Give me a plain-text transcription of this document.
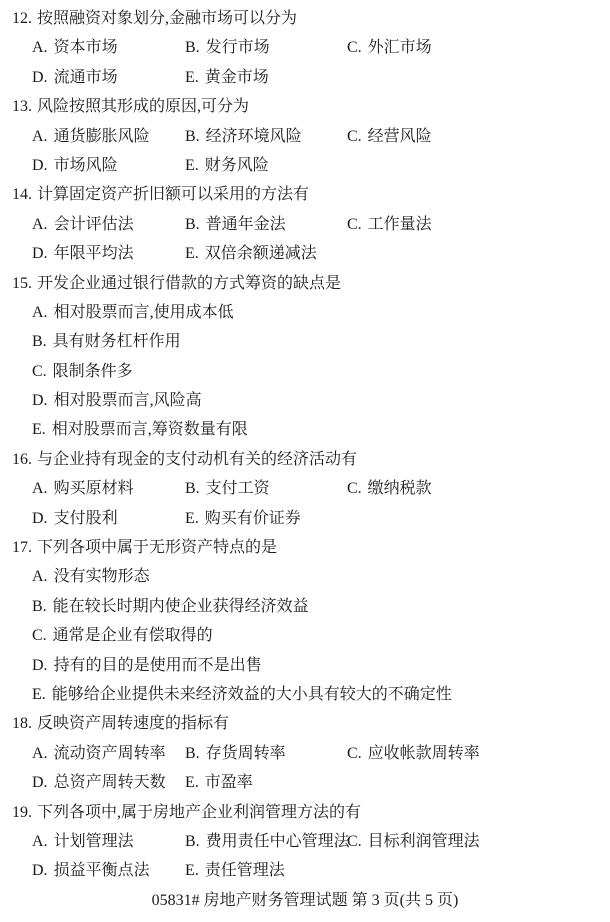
12. 按照融资对象划分,金融市场可以分为
A. 资本市场	B. 发行市场	C. 外汇市场
D. 流通市场	E. 黄金市场
13. 风险按照其形成的原因,可分为
A. 通货膨胀风险 B. 经济环境风险	C. 经营风险
D. 市场风险	E. 财务风险
14. 计算固定资产折旧额可以采用的方法有
A. 会计评估法	B. 普通年金法	C. 工作量法
D. 年限平均法	E. 双倍余额递减法
15. 开发企业通过银行借款的方式筹资的缺点是
A. 相对股票而言,使用成本低
B. 具有财务杠杆作用
C. 限制条件多
D. 相对股票而言,风险高
E. 相对股票而言,筹资数量有限
16. 与企业持有现金的支付动机有关的经济活动有
A. 购买原材料	B. 支付工资	C. 缴纳税款
D. 支付股利	E. 购买有价证券
17. 下列各项中属于无形资产特点的是
A. 没有实物形态
B. 能在较长时期内使企业获得经济效益
C. 通常是企业有偿取得的
D. 持有的目的是使用而不是出售
E. 能够给企业提供未来经济效益的大小具有较大的不确定性
18. 反映资产周转速度的指标有
A. 流动资产周转率 B. 存货周转率	C. 应收帐款周转率
D. 总资产周转天数 E. 市盈率
19. 下列各项中,属于房地产企业利润管理方法的有
A. 计划管理法	B. 费用责任中心管理法
C. 目标利润管理法
D. 损益平衡点法 E. 责任管理法
05831# 房地产财务管理试题 第 3 页(共 5 页)
